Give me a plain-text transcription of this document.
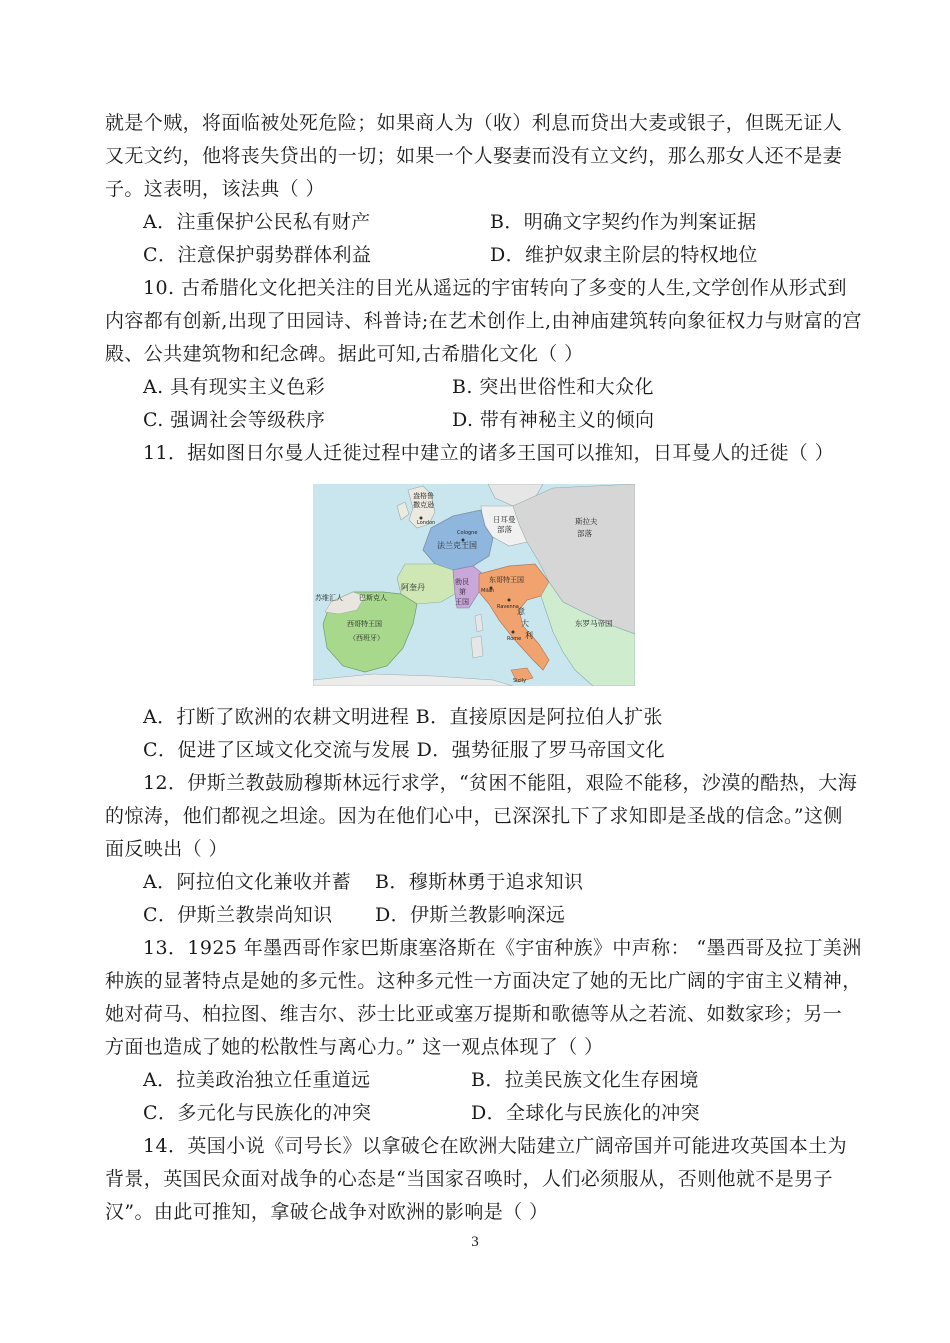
就是个贼，将面临被处死危险；如果商人为（收）利息而贷出大麦或银子，但既无证人
又无文约，他将丧失贷出的一切；如果一个人娶妻而没有立文约，那么那女人还不是妻
子。这表明，该法典（ ）
A．注重保护公民私有财产	B．明确文字契约作为判案证据
C．注意保护弱势群体利益	D．维护奴隶主阶层的特权地位
10. 古希腊化文化把关注的目光从遥远的宇宙转向了多变的人生,文学创作从形式到
内容都有创新,出现了田园诗、科普诗;在艺术创作上,由神庙建筑转向象征权力与财富的宫
殿、公共建筑物和纪念碑。据此可知,古希腊化文化（ ）
A. 具有现实主义色彩	B. 突出世俗性和大众化
C. 强调社会等级秩序	D. 带有神秘主义的倾向
11．据如图日尔曼人迁徙过程中建立的诸多王国可以推知，日耳曼人的迁徙（ ）
盎格鲁
撒克逊
London	日耳曼
部落
Cologne
法兰克王国
斯拉夫
部落
勃艮
第
王国
阿奎丹
苏维汇人 巴斯克人
东哥特王国
Milan
Ravenna
意
大
利
Rome
西哥特王国
（西班牙）
东罗马帝国
Sicily
A．打断了欧洲的农耕文明进程 B．直接原因是阿拉伯人扩张
C．促进了区域文化交流与发展 D．强势征服了罗马帝国文化
12．伊斯兰教鼓励穆斯林远行求学，“贫困不能阻，艰险不能移，沙漠的酷热，大海
的惊涛，他们都视之坦途。因为在他们心中，已深深扎下了求知即是圣战的信念。”这侧
面反映出（ ）
A．阿拉伯文化兼收并蓄 B．穆斯林勇于追求知识
C．伊斯兰教崇尚知识 D．伊斯兰教影响深远
13．1925 年墨西哥作家巴斯康塞洛斯在《宇宙种族》中声称： “墨西哥及拉丁美洲
种族的显著特点是她的多元性。这种多元性一方面决定了她的无比广阔的宇宙主义精神，
她对荷马、柏拉图、维吉尔、莎士比亚或塞万提斯和歌德等从之若流、如数家珍；另一
方面也造成了她的松散性与离心力。” 这一观点体现了（ ）
A．拉美政治独立任重道远	B．拉美民族文化生存困境
C．多元化与民族化的冲突	D．全球化与民族化的冲突
14．英国小说《司号长》以拿破仑在欧洲大陆建立广阔帝国并可能进攻英国本土为
背景，英国民众面对战争的心态是“当国家召唤时，人们必须服从，否则他就不是男子
汉”。由此可推知，拿破仑战争对欧洲的影响是（ ）
3
